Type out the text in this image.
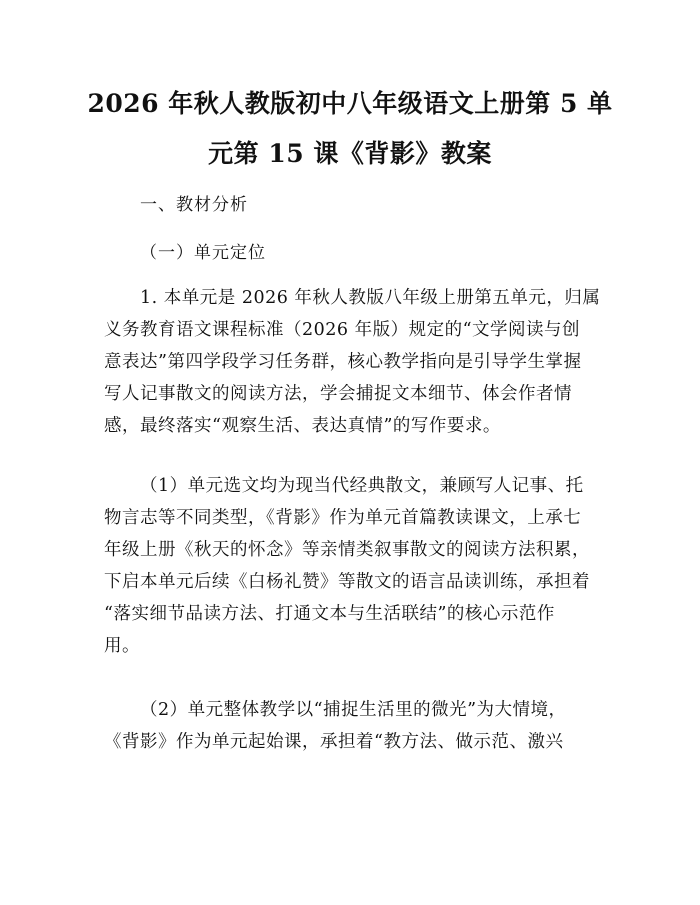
2026 年秋人教版初中八年级语文上册第 5 单
元第 15 课《背影》教案
一、教材分析
（一）单元定位
1. 本单元是 2026 年秋人教版八年级上册第五单元，归属
义务教育语文课程标准（2026 年版）规定的“文学阅读与创
意表达”第四学段学习任务群，核心教学指向是引导学生掌握
写人记事散文的阅读方法，学会捕捉文本细节、体会作者情
感，最终落实“观察生活、表达真情”的写作要求。
（1）单元选文均为现当代经典散文，兼顾写人记事、托
物言志等不同类型，《背影》作为单元首篇教读课文，上承七
年级上册《秋天的怀念》等亲情类叙事散文的阅读方法积累，
下启本单元后续《白杨礼赞》等散文的语言品读训练，承担着
“落实细节品读方法、打通文本与生活联结”的核心示范作
用。
（2）单元整体教学以“捕捉生活里的微光”为大情境，
《背影》作为单元起始课，承担着“教方法、做示范、激兴
